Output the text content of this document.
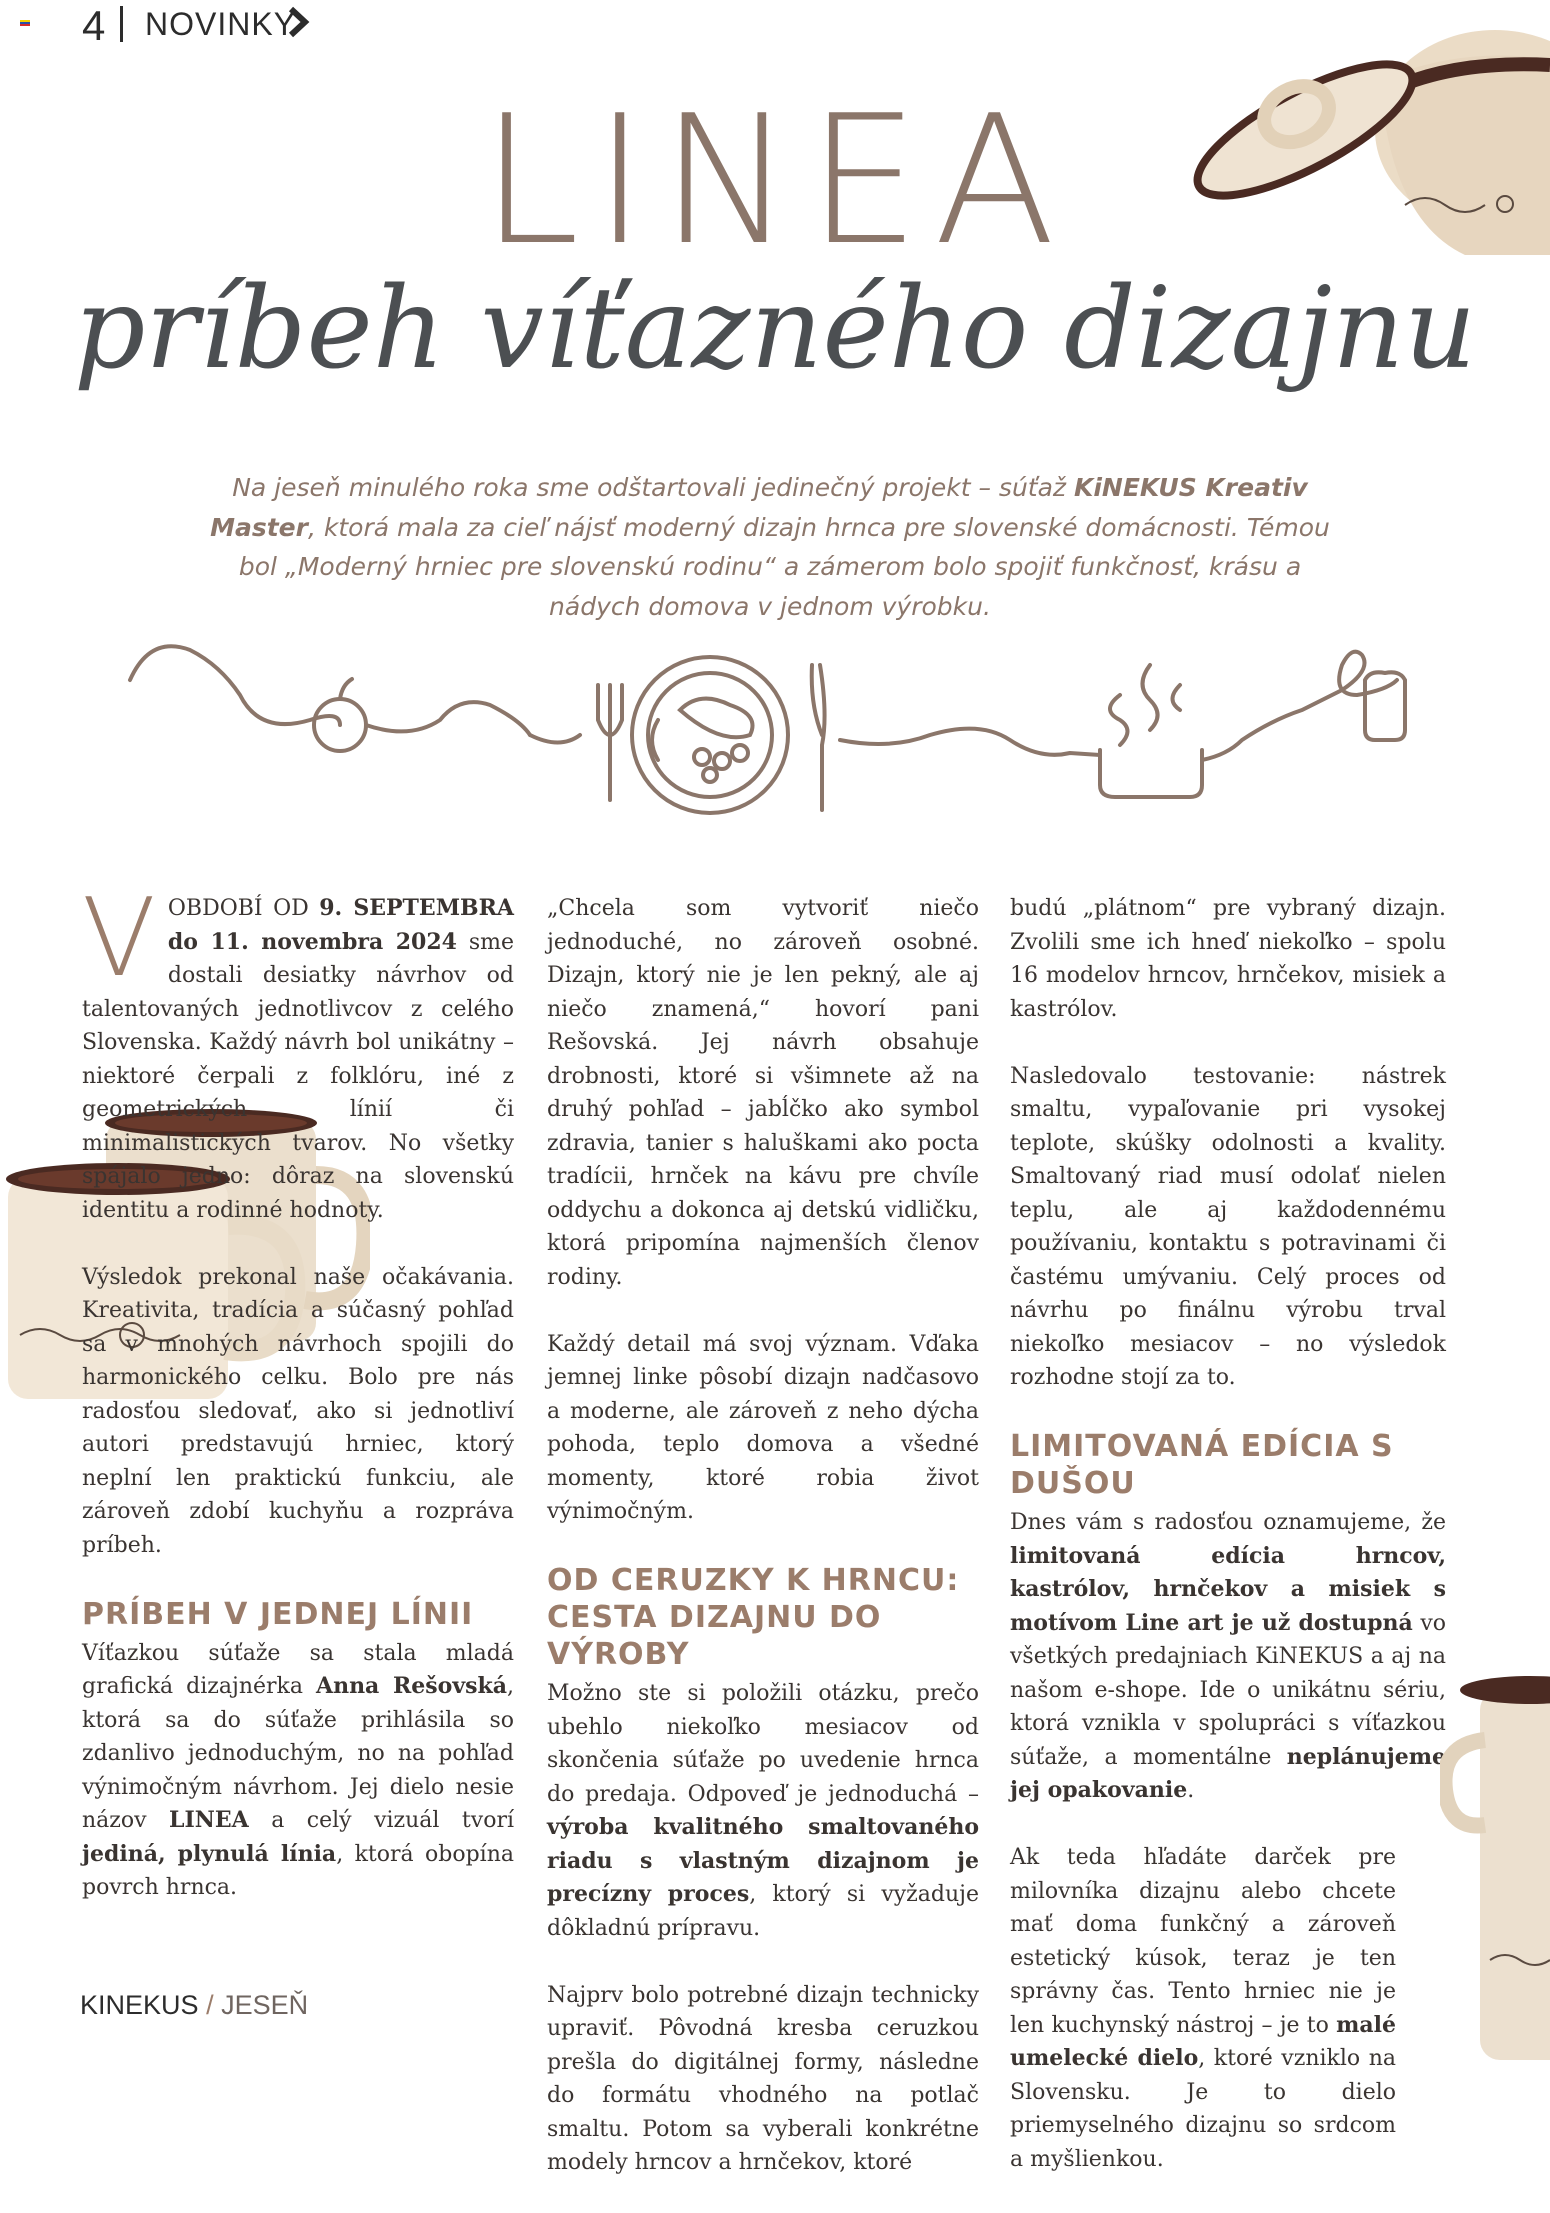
4 NOVINKY
LINEA
príbeh víťazného dizajnu
Na jeseň minulého roka sme odštartovali jedinečný projekt – súťaž KiNEKUS Kreativ Master, ktorá mala za cieľ nájsť moderný dizajn hrnca pre slovenské domácnosti. Témou bol „Moderný hrniec pre slovenskú rodinu“ a zámerom bolo spojiť funkčnosť, krásu a nádych domova v jednom výrobku.

VOBDOBÍ OD 9. SEPTEMBRA do 11. novembra 2024 sme dostali desiatky návrhov od talentovaných jednotlivcov z celého Slovenska. Každý návrh bol unikátny – niektoré čerpali z folklóru, iné z geometrických línií či minimalistických tvarov. No všetky spájalo jedno: dôraz na slovenskú identitu a rodinné hodnoty.

Výsledok prekonal naše očakávania. Kreativita, tradícia a súčasný pohľad sa v mnohých návrhoch spojili do harmonického celku. Bolo pre nás radosťou sledovať, ako si jednotliví autori predstavujú hrniec, ktorý neplní len praktickú funkciu, ale zároveň zdobí kuchyňu a rozpráva príbeh.

PRÍBEH V JEDNEJ LÍNII

Víťazkou súťaže sa stala mladá grafická dizajnérka Anna Rešovská, ktorá sa do súťaže prihlásila so zdanlivo jednoduchým, no na pohľad výnimočným návrhom. Jej dielo nesie názov LINEA a celý vizuál tvorí jediná, plynulá línia, ktorá obopína povrch hrnca.

„Chcela som vytvoriť niečo jednoduché, no zároveň osobné. Dizajn, ktorý nie je len pekný, ale aj niečo znamená,“ hovorí pani Rešovská. Jej návrh obsahuje drobnosti, ktoré si všimnete až na druhý pohľad – jabĺčko ako symbol zdravia, tanier s haluškami ako pocta tradícii, hrnček na kávu pre chvíle oddychu a dokonca aj detskú vidličku, ktorá pripomína najmenších členov rodiny.

Každý detail má svoj význam. Vďaka jemnej linke pôsobí dizajn nadčasovo a moderne, ale zároveň z neho dýcha pohoda, teplo domova a všedné momenty, ktoré robia život výnimočným.

OD CERUZKY K HRNCU: CESTA DIZAJNU DO VÝROBY

Možno ste si položili otázku, prečo ubehlo niekoľko mesiacov od skončenia súťaže po uvedenie hrnca do predaja. Odpoveď je jednoduchá – výroba kvalitného smaltovaného riadu s vlastným dizajnom je precízny proces, ktorý si vyžaduje dôkladnú prípravu.

Najprv bolo potrebné dizajn technicky upraviť. Pôvodná kresba ceruzkou prešla do digitálnej formy, následne do formátu vhodného na potlač smaltu. Potom sa vyberali konkrétne modely hrncov a hrnčekov, ktoré

budú „plátnom“ pre vybraný dizajn. Zvolili sme ich hneď niekoľko – spolu 16 modelov hrncov, hrnčekov, misiek a kastrólov.

Nasledovalo testovanie: nástrek smaltu, vypaľovanie pri vysokej teplote, skúšky odolnosti a kvality. Smaltovaný riad musí odolať nielen teplu, ale aj každodennému používaniu, kontaktu s potravinami či častému umývaniu. Celý proces od návrhu po finálnu výrobu trval niekoľko mesiacov – no výsledok rozhodne stojí za to.

LIMITOVANÁ EDÍCIA S DUŠOU

Dnes vám s radosťou oznamujeme, že limitovaná edícia hrncov, kastrólov, hrnčekov a misiek s motívom Line art je už dostupná vo všetkých predajniach KiNEKUS a aj na našom e-shope. Ide o unikátnu sériu, ktorá vznikla v spolupráci s víťazkou súťaže, a momentálne neplánujeme jej opakovanie.

Ak teda hľadáte darček pre milovníka dizajnu alebo chcete mať doma funkčný a zároveň estetický kúsok, teraz je ten správny čas. Tento hrniec nie je len kuchynský nástroj – je to malé umelecké dielo, ktoré vzniklo na Slovensku. Je to dielo priemyselného dizajnu so srdcom a myšlienkou.

KINEKUS / JESEŇ
